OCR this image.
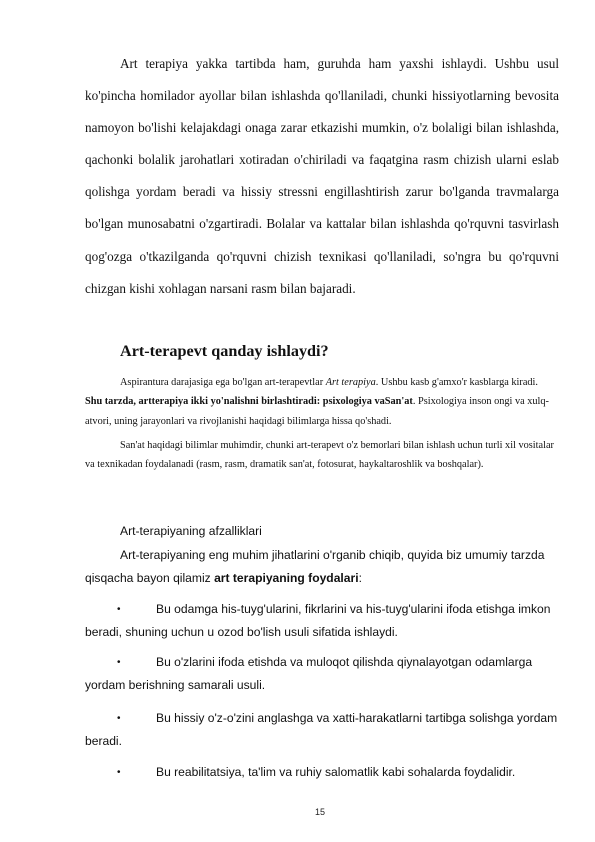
Art terapiya yakka tartibda ham, guruhda ham yaxshi ishlaydi. Ushbu usul ko'pincha homilador ayollar bilan ishlashda qo'llaniladi, chunki hissiyotlarning bevosita namoyon bo'lishi kelajakdagi onaga zarar etkazishi mumkin, o'z bolaligi bilan ishlashda, qachonki bolalik jarohatlari xotiradan o'chiriladi va faqatgina rasm chizish ularni eslab qolishga yordam beradi va hissiy stressni engillashtirish zarur bo'lganda travmalarga bo'lgan munosabatni o'zgartiradi. Bolalar va kattalar bilan ishlashda qo'rquvni tasvirlash qog'ozga o'tkazilganda qo'rquvni chizish texnikasi qo'llaniladi, so'ngra bu qo'rquvni chizgan kishi xohlagan narsani rasm bilan bajaradi.

Art-terapevt qanday ishlaydi?

Aspirantura darajasiga ega bo'lgan art-terapevtlar Art terapiya. Ushbu kasb g'amxo'r kasblarga kiradi. Shu tarzda, artterapiya ikki yo'nalishni birlashtiradi: psixologiya vaSan'at. Psixologiya inson ongi va xulq-atvori, uning jarayonlari va rivojlanishi haqidagi bilimlarga hissa qo'shadi.

San'at haqidagi bilimlar muhimdir, chunki art-terapevt o'z bemorlari bilan ishlash uchun turli xil vositalar va texnikadan foydalanadi (rasm, rasm, dramatik san'at, fotosurat, haykaltaroshlik va boshqalar).

Art-terapiyaning afzalliklari

Art-terapiyaning eng muhim jihatlarini o'rganib chiqib, quyida biz umumiy tarzda qisqacha bayon qilamiz art terapiyaning foydalari:

•	Bu odamga his-tuyg'ularini, fikrlarini va his-tuyg'ularini ifoda etishga imkon beradi, shuning uchun u ozod bo'lish usuli sifatida ishlaydi.

•	Bu o'zlarini ifoda etishda va muloqot qilishda qiynalayotgan odamlarga yordam berishning samarali usuli.

•	Bu hissiy o'z-o'zini anglashga va xatti-harakatlarni tartibga solishga yordam beradi.

•	Bu reabilitatsiya, ta'lim va ruhiy salomatlik kabi sohalarda foydalidir.

15
